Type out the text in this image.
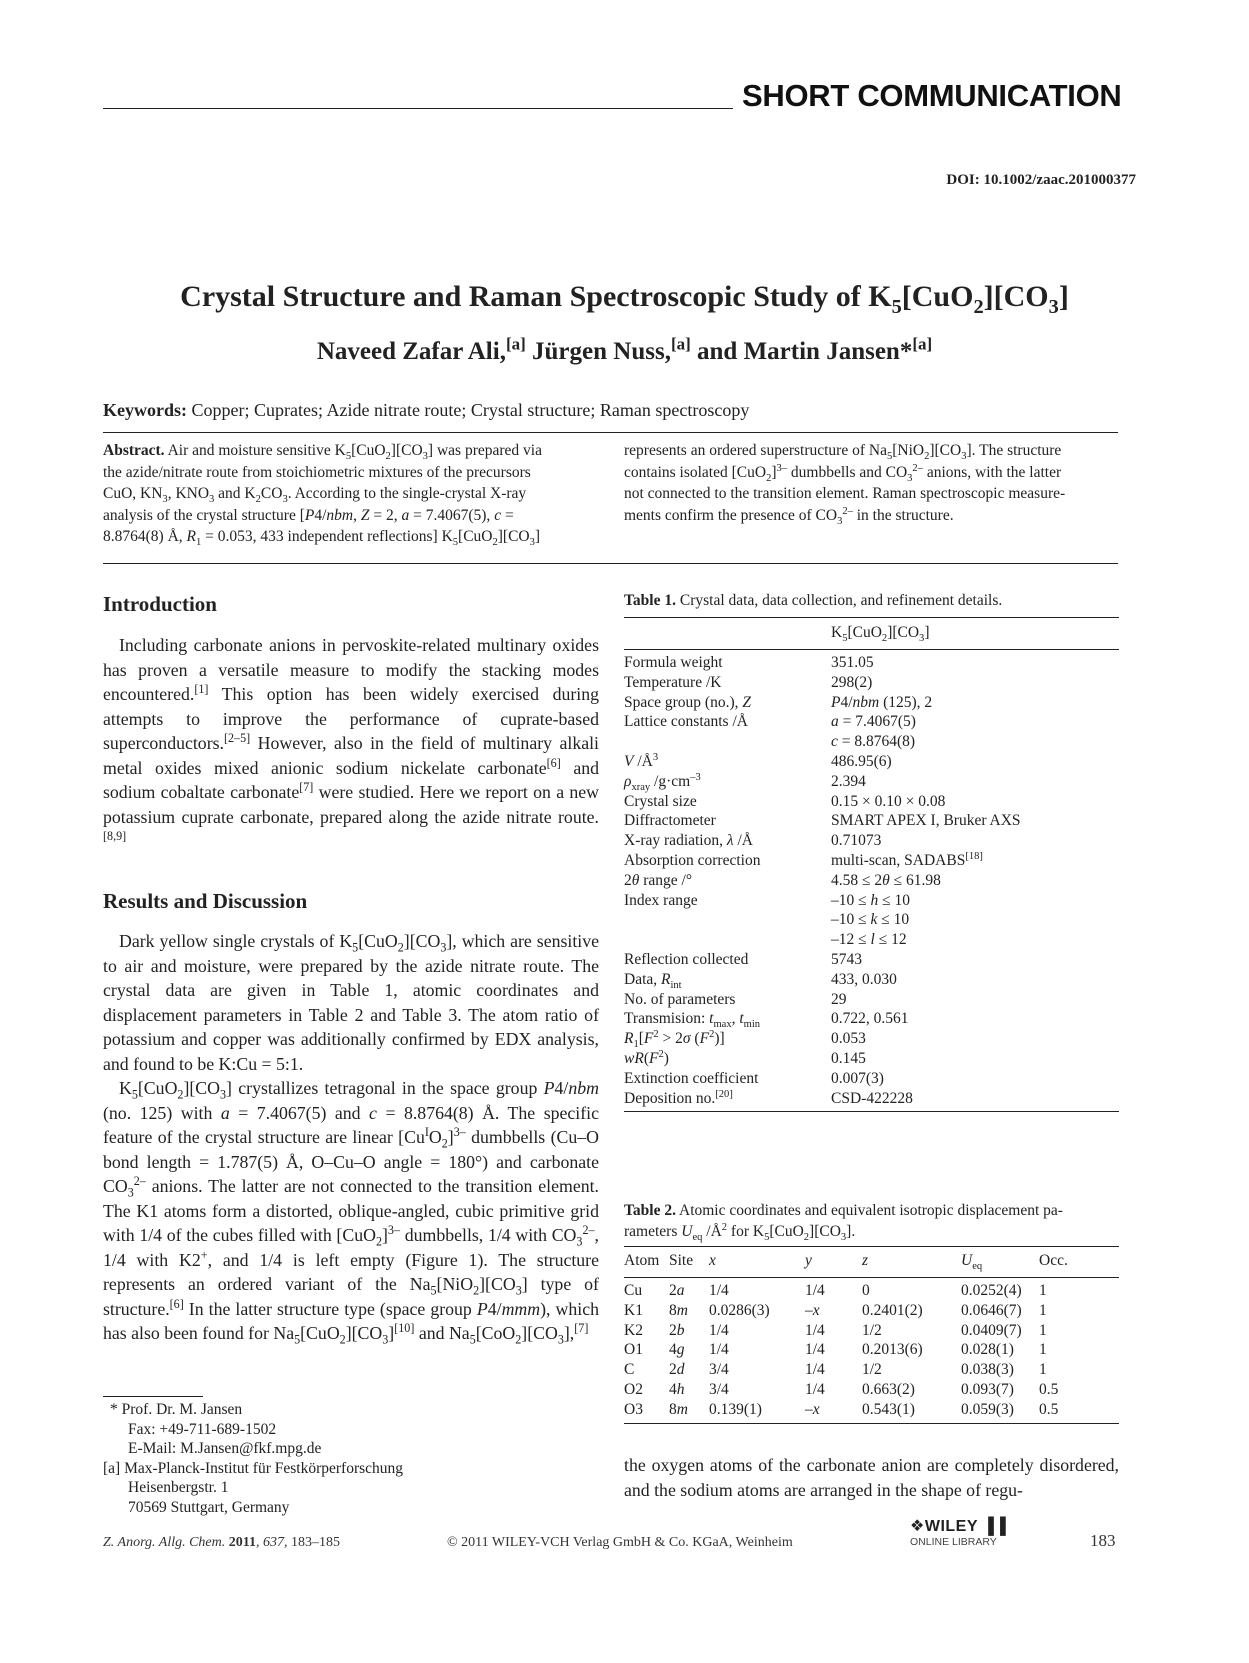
SHORT COMMUNICATION
DOI: 10.1002/zaac.201000377
Crystal Structure and Raman Spectroscopic Study of $K_5[CuO_2][CO_3]$
Naveed Zafar Ali,[a] Jürgen Nuss,[a] and Martin Jansen*[a]
Keywords: Copper; Cuprates; Azide nitrate route; Crystal structure; Raman spectroscopy
Abstract. Air and moisture sensitive $K_5[CuO_2][CO_3]$ was prepared via
the azide/nitrate route from stoichiometric mixtures of the precursors
CuO, $KN_3$, $KNO_3$ and $K_2CO_3$. According to the single-crystal X-ray
analysis of the crystal structure [P4/nbm, Z = 2, a = 7.4067(5), c =
8.8764(8) Å, $R_1 = 0.053$, 433 independent reflections] $K_5[CuO_2][CO_3]$
represents an ordered superstructure of $Na_5[NiO_2][CO_3]$. The structure
contains isolated $[CuO_2]^{3-}$ dumbbells and $CO_3^{2-}$ anions, with the latter
not connected to the transition element. Raman spectroscopic measure-
ments confirm the presence of $CO_3^{2-}$ in the structure.
Introduction

Including carbonate anions in pervoskite-related multinary oxides has proven a versatile measure to modify the stacking modes encountered.[1] This option has been widely exercised during attempts to improve the performance of cuprate-based superconductors.[2–5] However, also in the field of multinary alkali metal oxides mixed anionic sodium nickelate carbonate[6] and sodium cobaltate carbonate[7] were studied. Here we report on a new potassium cuprate carbonate, prepared along the azide nitrate route.[8,9]

Results and Discussion

Dark yellow single crystals of $K_5[CuO_2][CO_3]$, which are sensitive to air and moisture, were prepared by the azide nitrate route. The crystal data are given in Table 1, atomic coordinates and displacement parameters in Table 2 and Table 3. The atom ratio of potassium and copper was additionally confirmed by EDX analysis, and found to be K:Cu = 5:1.

$K_5[CuO_2][CO_3]$ crystallizes tetragonal in the space group P4/nbm (no. 125) with a = 7.4067(5) and c = 8.8764(8) Å. The specific feature of the crystal structure are linear $[Cu^IO_2]^{3-}$ dumbbells (Cu–O bond length = 1.787(5) Å, O–Cu–O angle = 180°) and carbonate $CO_3^{2-}$ anions. The latter are not connected to the transition element. The K1 atoms form a distorted, oblique-angled, cubic primitive grid with 1/4 of the cubes filled with $[CuO_2]^{3-}$ dumbbells, 1/4 with $CO_3^{2-}$, 1/4 with K2+, and 1/4 is left empty (Figure 1). The structure represents an ordered variant of the $Na_5[NiO_2][CO_3]$ type of structure.[6] In the latter structure type (space group P4/mmm), which has also been found for $Na_5[CuO_2][CO_3][10]$ and $Na_5[CoO_2][CO_3],[7]$

* Prof. Dr. M. Jansen
Fax: +49-711-689-1502
E-Mail: M.Jansen@fkf.mpg.de
[a] Max-Planck-Institut für Festkörperforschung
Heisenbergstr. 1
70569 Stuttgart, Germany
Table 1. Crystal data, data collection, and refinement details.
$K_5[CuO_2][CO_3]$
Formula weight	351.05
Temperature /K	298(2)
Space group (no.), Z	P4/nbm (125), 2
Lattice constants /Å	a = 7.4067(5)
	c = 8.8764(8)
V $/Å^3$	486.95(6)
$\rho_{xray}$ $/g\cdot cm^{-3}$	2.394
Crystal size	0.15 × 0.10 × 0.08
Diffractometer	SMART APEX I, Bruker AXS
X-ray radiation, λ /Å	0.71073
Absorption correction	multi-scan, SADABS[18]
2θ range /°	4.58 ≤ 2θ ≤ 61.98
Index range	–10 ≤ h ≤ 10
	–10 ≤ k ≤ 10
	–12 ≤ l ≤ 12
Reflection collected	5743
Data, $R_{int}$	433, 0.030
No. of parameters	29
Transmision: $t_{max}$, $t_{min}$	0.722, 0.561
$R_1[F^2 > 2\sigma$ $(F^2)$]	0.053
$wR(F^2)$	0.145
Extinction coefficient	0.007(3)
Deposition no.[20]	CSD-422228
Table 2. Atomic coordinates and equivalent isotropic displacement pa-
rameters $U_{eq}$ $/Å^2$ for $K_5[CuO_2][CO_3]$.
Atom	Site	x	y	z	$U_{eq}$	Occ.
Cu	2a	1/4	1/4	0	0.0252(4)	1
K1	8m	0.0286(3)	–x	0.2401(2)	0.0646(7)	1
K2	2b	1/4	1/4	1/2	0.0409(7)	1
O1	4g	1/4	1/4	0.2013(6)	0.028(1)	1
C	2d	3/4	1/4	1/2	0.038(3)	1
O2	4h	3/4	1/4	0.663(2)	0.093(7)	0.5
O3	8m	0.139(1)	–x	0.543(1)	0.059(3)	0.5
the oxygen atoms of the carbonate anion are completely disordered, and the sodium atoms are arranged in the shape of regu-
Z. Anorg. Allg. Chem. 2011, 637, 183–185	© 2011 WILEY-VCH Verlag GmbH & Co. KGaA, Weinheim
❖WILEY ▐▐
ONLINE LIBRARY	183
